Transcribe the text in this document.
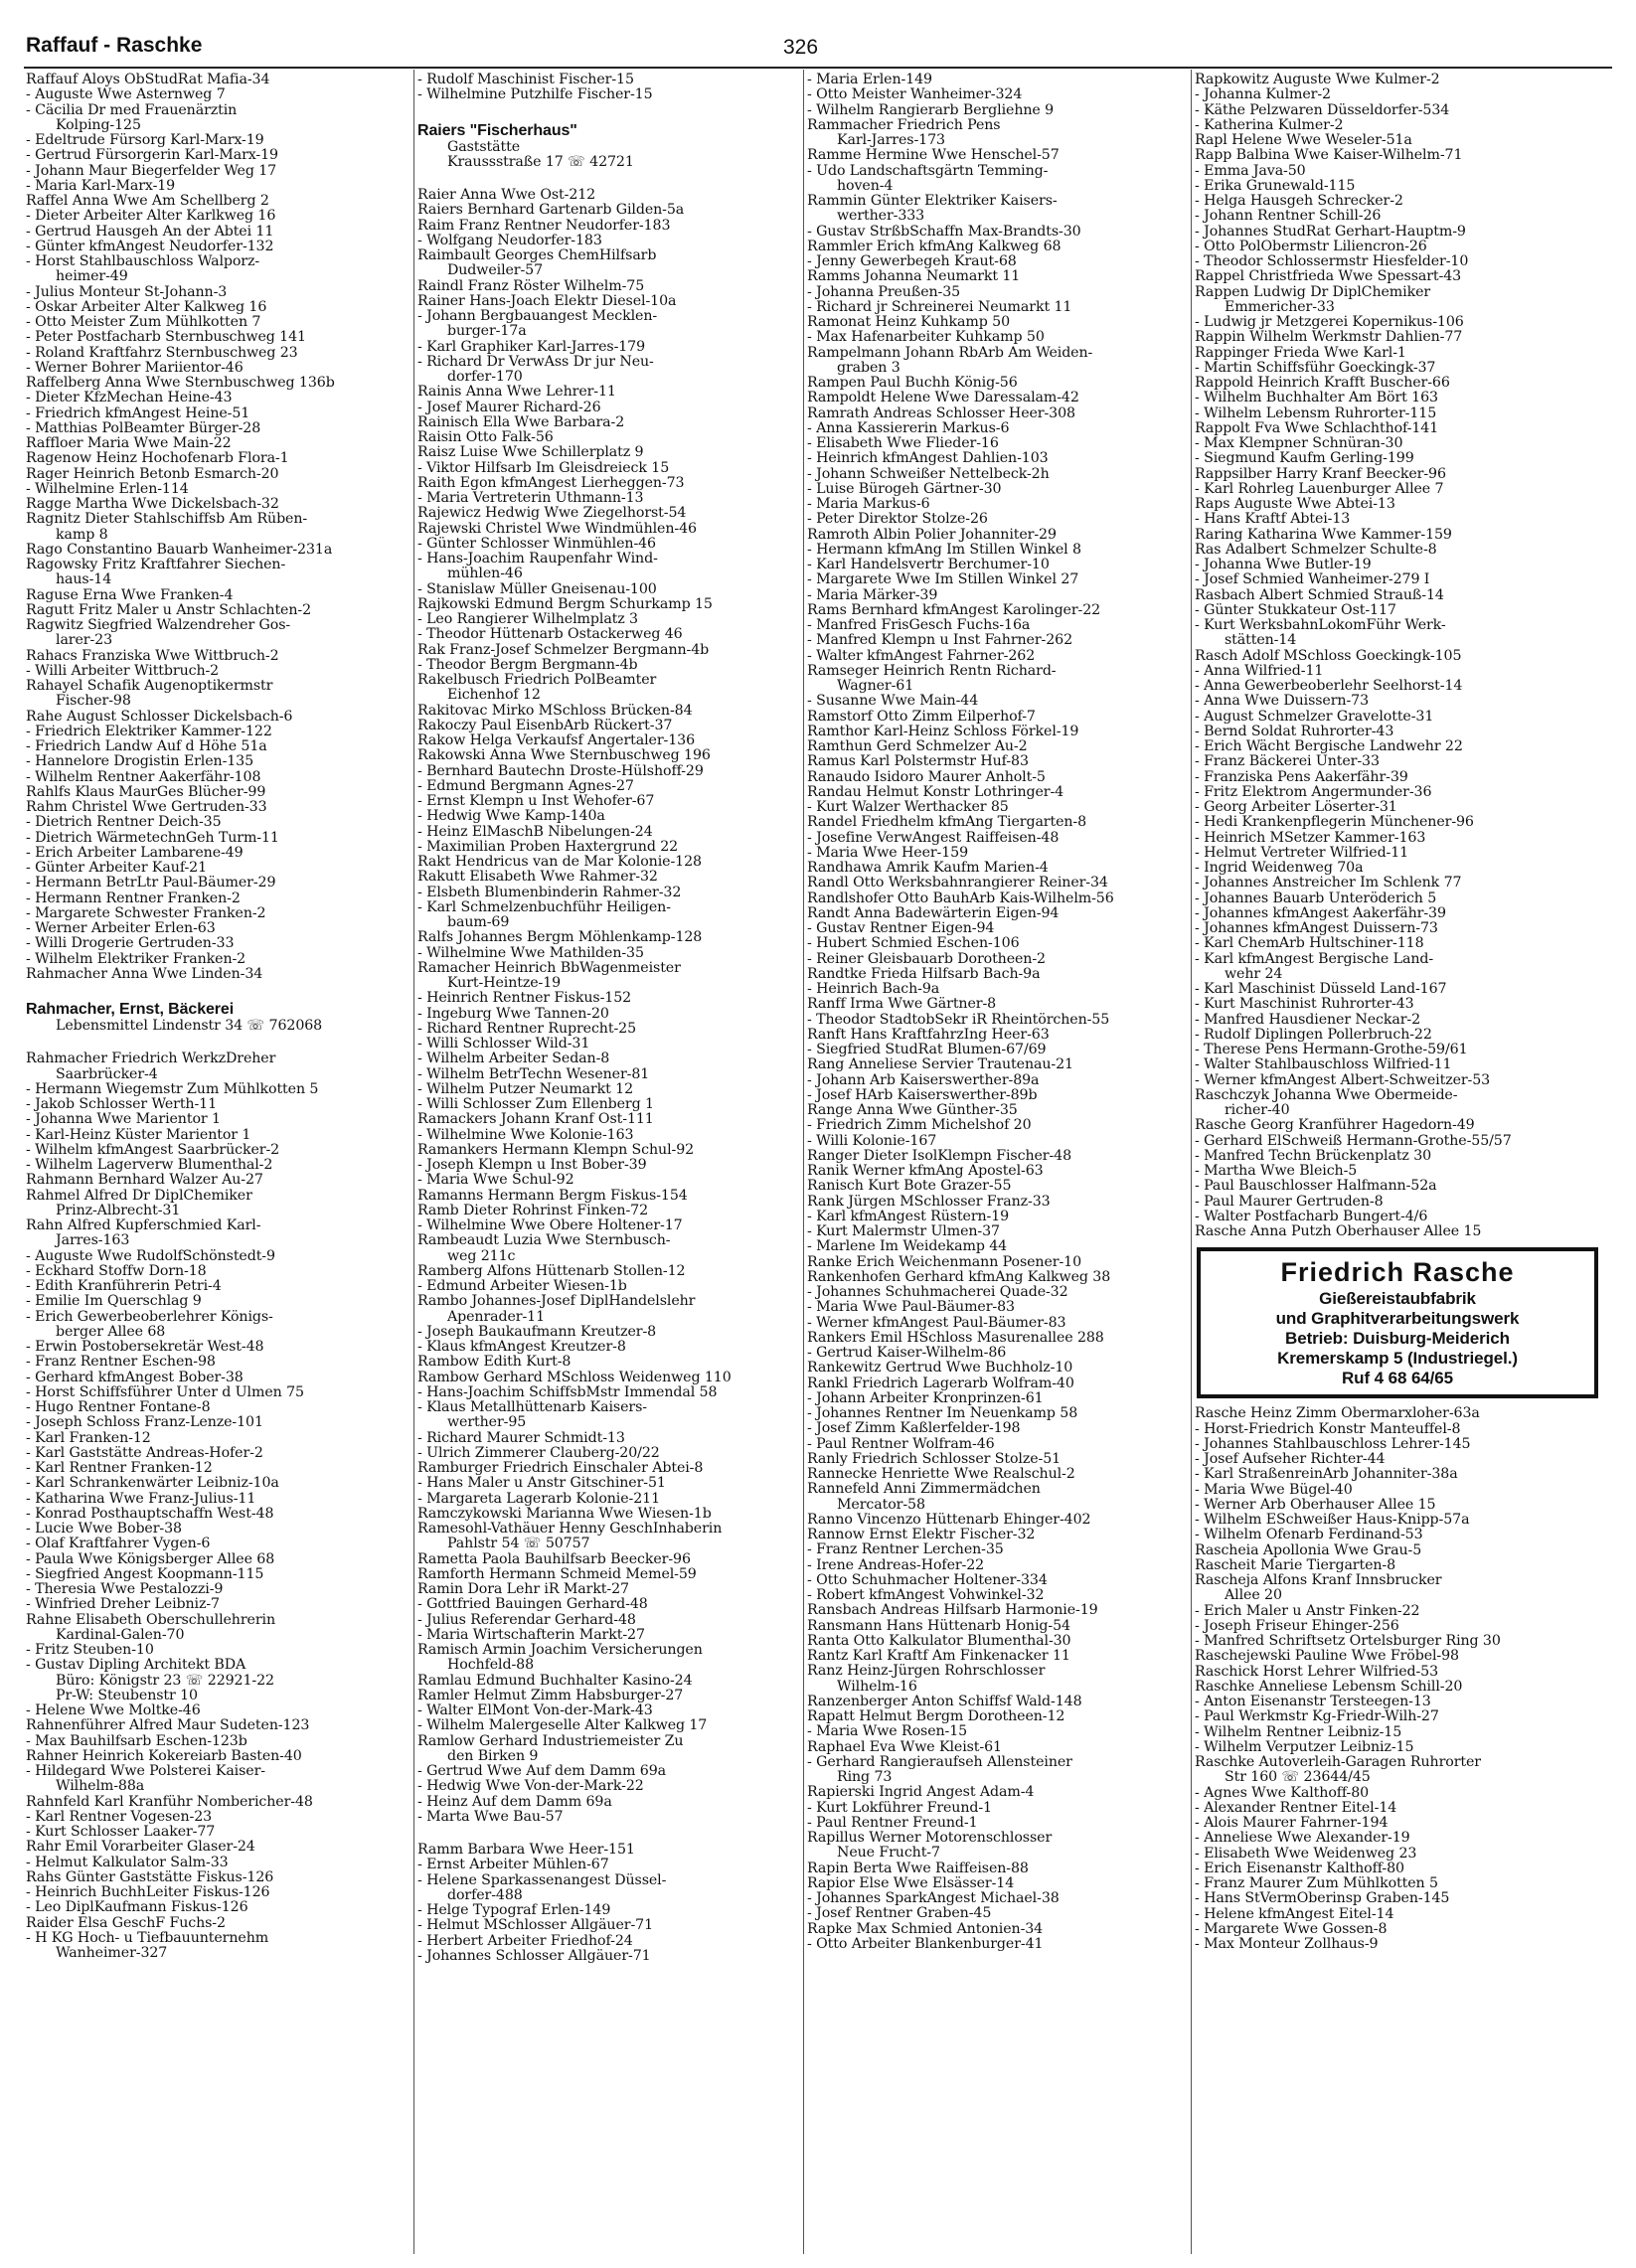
Raffauf - Raschke	326
Raffauf Aloys ObStudRat Mafia-34
- Auguste Wwe Asternweg 7
- Cäcilia Dr med Frauenärztin
Kolping-125
- Edeltrude Fürsorg Karl-Marx-19
- Gertrud Fürsorgerin Karl-Marx-19
- Johann Maur Biegerfelder Weg 17
- Maria Karl-Marx-19
Raffel Anna Wwe Am Schellberg 2
- Dieter Arbeiter Alter Karlkweg 16
- Gertrud Hausgeh An der Abtei 11
- Günter kfmAngest Neudorfer-132
- Horst Stahlbauschloss Walporz-
heimer-49
- Julius Monteur St-Johann-3
- Oskar Arbeiter Alter Kalkweg 16
- Otto Meister Zum Mühlkotten 7
- Peter Postfacharb Sternbuschweg 141
- Roland Kraftfahrz Sternbuschweg 23
- Werner Bohrer Mariientor-46
Raffelberg Anna Wwe Sternbuschweg 136b
- Dieter KfzMechan Heine-43
- Friedrich kfmAngest Heine-51
- Matthias PolBeamter Bürger-28
Raffloer Maria Wwe Main-22
Ragenow Heinz Hochofenarb Flora-1
Rager Heinrich Betonb Esmarch-20
- Wilhelmine Erlen-114
Ragge Martha Wwe Dickelsbach-32
Ragnitz Dieter Stahlschiffsb Am Rüben-
kamp 8
Rago Constantino Bauarb Wanheimer-231a
Ragowsky Fritz Kraftfahrer Siechen-
haus-14
Raguse Erna Wwe Franken-4
Ragutt Fritz Maler u Anstr Schlachten-2
Ragwitz Siegfried Walzendreher Gos-
larer-23
Rahacs Franziska Wwe Wittbruch-2
- Willi Arbeiter Wittbruch-2
Rahayel Schafik Augenoptikermstr
Fischer-98
Rahe August Schlosser Dickelsbach-6
- Friedrich Elektriker Kammer-122
- Friedrich Landw Auf d Höhe 51a
- Hannelore Drogistin Erlen-135
- Wilhelm Rentner Aakerfähr-108
Rahlfs Klaus MaurGes Blücher-99
Rahm Christel Wwe Gertruden-33
- Dietrich Rentner Deich-35
- Dietrich WärmetechnGeh Turm-11
- Erich Arbeiter Lambarene-49
- Günter Arbeiter Kauf-21
- Hermann BetrLtr Paul-Bäumer-29
- Hermann Rentner Franken-2
- Margarete Schwester Franken-2
- Werner Arbeiter Erlen-63
- Willi Drogerie Gertruden-33
- Wilhelm Elektriker Franken-2
Rahmacher Anna Wwe Linden-34
Rahmacher, Ernst, Bäckerei
Lebensmittel Lindenstr 34 ☏ 762068
Rahmacher Friedrich WerkzDreher
Saarbrücker-4
- Hermann Wiegemstr Zum Mühlkotten 5
- Jakob Schlosser Werth-11
- Johanna Wwe Marientor 1
- Karl-Heinz Küster Marientor 1
- Wilhelm kfmAngest Saarbrücker-2
- Wilhelm Lagerverw Blumenthal-2
Rahmann Bernhard Walzer Au-27
Rahmel Alfred Dr DiplChemiker
Prinz-Albrecht-31
Rahn Alfred Kupferschmied Karl-
Jarres-163
- Auguste Wwe RudolfSchönstedt-9
- Eckhard Stoffw Dorn-18
- Edith Kranführerin Petri-4
- Emilie Im Querschlag 9
- Erich Gewerbeoberlehrer Königs-
berger Allee 68
- Erwin Postobersekretär West-48
- Franz Rentner Eschen-98
- Gerhard kfmAngest Bober-38
- Horst Schiffsführer Unter d Ulmen 75
- Hugo Rentner Fontane-8
- Joseph Schloss Franz-Lenze-101
- Karl Franken-12
- Karl Gaststätte Andreas-Hofer-2
- Karl Rentner Franken-12
- Karl Schrankenwärter Leibniz-10a
- Katharina Wwe Franz-Julius-11
- Konrad Posthauptschaffn West-48
- Lucie Wwe Bober-38
- Olaf Kraftfahrer Vygen-6
- Paula Wwe Königsberger Allee 68
- Siegfried Angest Koopmann-115
- Theresia Wwe Pestalozzi-9
- Winfried Dreher Leibniz-7
Rahne Elisabeth Oberschullehrerin
Kardinal-Galen-70
- Fritz Steuben-10
- Gustav Dipling Architekt BDA
Büro: Königstr 23 ☏ 22921-22
Pr-W: Steubenstr 10
- Helene Wwe Moltke-46
Rahnenführer Alfred Maur Sudeten-123
- Max Bauhilfsarb Eschen-123b
Rahner Heinrich Kokereiarb Basten-40
- Hildegard Wwe Polsterei Kaiser-
Wilhelm-88a
Rahnfeld Karl Kranführ Nombericher-48
- Karl Rentner Vogesen-23
- Kurt Schlosser Laaker-77
Rahr Emil Vorarbeiter Glaser-24
- Helmut Kalkulator Salm-33
Rahs Günter Gaststätte Fiskus-126
- Heinrich BuchhLeiter Fiskus-126
- Leo DiplKaufmann Fiskus-126
Raider Elsa GeschF Fuchs-2
- H KG Hoch- u Tiefbauunternehm
Wanheimer-327
- Rudolf Maschinist Fischer-15
- Wilhelmine Putzhilfe Fischer-15
Raiers "Fischerhaus"
Gaststätte
Kraussstraße 17 ☏ 42721
Raier Anna Wwe Ost-212
Raiers Bernhard Gartenarb Gilden-5a
Raim Franz Rentner Neudorfer-183
- Wolfgang Neudorfer-183
Raimbault Georges ChemHilfsarb
Dudweiler-57
Raindl Franz Röster Wilhelm-75
Rainer Hans-Joach Elektr Diesel-10a
- Johann Bergbauangest Mecklen-
burger-17a
- Karl Graphiker Karl-Jarres-179
- Richard Dr VerwAss Dr jur Neu-
dorfer-170
Rainis Anna Wwe Lehrer-11
- Josef Maurer Richard-26
Rainisch Ella Wwe Barbara-2
Raisin Otto Falk-56
Raisz Luise Wwe Schillerplatz 9
- Viktor Hilfsarb Im Gleisdreieck 15
Raith Egon kfmAngest Lierheggen-73
- Maria Vertreterin Uthmann-13
Rajewicz Hedwig Wwe Ziegelhorst-54
Rajewski Christel Wwe Windmühlen-46
- Günter Schlosser Winmühlen-46
- Hans-Joachim Raupenfahr Wind-
mühlen-46
- Stanislaw Müller Gneisenau-100
Rajkowski Edmund Bergm Schurkamp 15
- Leo Rangierer Wilhelmplatz 3
- Theodor Hüttenarb Ostackerweg 46
Rak Franz-Josef Schmelzer Bergmann-4b
- Theodor Bergm Bergmann-4b
Rakelbusch Friedrich PolBeamter
Eichenhof 12
Rakitovac Mirko MSchloss Brücken-84
Rakoczy Paul EisenbArb Rückert-37
Rakow Helga Verkaufsf Angertaler-136
Rakowski Anna Wwe Sternbuschweg 196
- Bernhard Bautechn Droste-Hülshoff-29
- Edmund Bergmann Agnes-27
- Ernst Klempn u Inst Wehofer-67
- Hedwig Wwe Kamp-140a
- Heinz ElMaschB Nibelungen-24
- Maximilian Proben Haxtergrund 22
Rakt Hendricus van de Mar Kolonie-128
Rakutt Elisabeth Wwe Rahmer-32
- Elsbeth Blumenbinderin Rahmer-32
- Karl Schmelzenbuchführ Heiligen-
baum-69
Ralfs Johannes Bergm Möhlenkamp-128
- Wilhelmine Wwe Mathilden-35
Ramacher Heinrich BbWagenmeister
Kurt-Heintze-19
- Heinrich Rentner Fiskus-152
- Ingeburg Wwe Tannen-20
- Richard Rentner Ruprecht-25
- Willi Schlosser Wild-31
- Wilhelm Arbeiter Sedan-8
- Wilhelm BetrTechn Wesener-81
- Wilhelm Putzer Neumarkt 12
- Willi Schlosser Zum Ellenberg 1
Ramackers Johann Kranf Ost-111
- Wilhelmine Wwe Kolonie-163
Ramankers Hermann Klempn Schul-92
- Joseph Klempn u Inst Bober-39
- Maria Wwe Schul-92
Ramanns Hermann Bergm Fiskus-154
Ramb Dieter Rohrinst Finken-72
- Wilhelmine Wwe Obere Holtener-17
Rambeaudt Luzia Wwe Sternbusch-
weg 211c
Ramberg Alfons Hüttenarb Stollen-12
- Edmund Arbeiter Wiesen-1b
Rambo Johannes-Josef DiplHandelslehr
Apenrader-11
- Joseph Baukaufmann Kreutzer-8
- Klaus kfmAngest Kreutzer-8
Rambow Edith Kurt-8
Rambow Gerhard MSchloss Weidenweg 110
- Hans-Joachim SchiffsbMstr Immendal 58
- Klaus Metallhüttenarb Kaisers-
werther-95
- Richard Maurer Schmidt-13
- Ulrich Zimmerer Clauberg-20/22
Ramburger Friedrich Einschaler Abtei-8
- Hans Maler u Anstr Gitschiner-51
- Margareta Lagerarb Kolonie-211
Ramczykowski Marianna Wwe Wiesen-1b
Ramesohl-Vathäuer Henny GeschInhaberin
Pahlstr 54 ☏ 50757
Rametta Paola Bauhilfsarb Beecker-96
Ramforth Hermann Schmeid Memel-59
Ramin Dora Lehr iR Markt-27
- Gottfried Bauingen Gerhard-48
- Julius Referendar Gerhard-48
- Maria Wirtschafterin Markt-27
Ramisch Armin Joachim Versicherungen
Hochfeld-88
Ramlau Edmund Buchhalter Kasino-24
Ramler Helmut Zimm Habsburger-27
- Walter ElMont Von-der-Mark-43
- Wilhelm Malergeselle Alter Kalkweg 17
Ramlow Gerhard Industriemeister Zu
den Birken 9
- Gertrud Wwe Auf dem Damm 69a
- Hedwig Wwe Von-der-Mark-22
- Heinz Auf dem Damm 69a
- Marta Wwe Bau-57
Ramm Barbara Wwe Heer-151
- Ernst Arbeiter Mühlen-67
- Helene Sparkassenangest Düssel-
dorfer-488
- Helge Typograf Erlen-149
- Helmut MSchlosser Allgäuer-71
- Herbert Arbeiter Friedhof-24
- Johannes Schlosser Allgäuer-71
- Maria Erlen-149
- Otto Meister Wanheimer-324
- Wilhelm Rangierarb Bergliehne 9
Rammacher Friedrich Pens
Karl-Jarres-173
Ramme Hermine Wwe Henschel-57
- Udo Landschaftsgärtn Temming-
hoven-4
Rammin Günter Elektriker Kaisers-
werther-333
- Gustav StrßbSchaffn Max-Brandts-30
Rammler Erich kfmAng Kalkweg 68
- Jenny Gewerbegeh Kraut-68
Ramms Johanna Neumarkt 11
- Johanna Preußen-35
- Richard jr Schreinerei Neumarkt 11
Ramonat Heinz Kuhkamp 50
- Max Hafenarbeiter Kuhkamp 50
Rampelmann Johann RbArb Am Weiden-
graben 3
Rampen Paul Buchh König-56
Rampoldt Helene Wwe Daressalam-42
Ramrath Andreas Schlosser Heer-308
- Anna Kassiererin Markus-6
- Elisabeth Wwe Flieder-16
- Heinrich kfmAngest Dahlien-103
- Johann Schweißer Nettelbeck-2h
- Luise Bürogeh Gärtner-30
- Maria Markus-6
- Peter Direktor Stolze-26
Ramroth Albin Polier Johanniter-29
- Hermann kfmAng Im Stillen Winkel 8
- Karl Handelsvertr Berchumer-10
- Margarete Wwe Im Stillen Winkel 27
- Maria Märker-39
Rams Bernhard kfmAngest Karolinger-22
- Manfred FrisGesch Fuchs-16a
- Manfred Klempn u Inst Fahrner-262
- Walter kfmAngest Fahrner-262
Ramseger Heinrich Rentn Richard-
Wagner-61
- Susanne Wwe Main-44
Ramstorf Otto Zimm Eilperhof-7
Ramthor Karl-Heinz Schloss Förkel-19
Ramthun Gerd Schmelzer Au-2
Ramus Karl Polstermstr Huf-83
Ranaudo Isidoro Maurer Anholt-5
Randau Helmut Konstr Lothringer-4
- Kurt Walzer Werthacker 85
Randel Friedhelm kfmAng Tiergarten-8
- Josefine VerwAngest Raiffeisen-48
- Maria Wwe Heer-159
Randhawa Amrik Kaufm Marien-4
Randl Otto Werksbahnrangierer Reiner-34
Randlshofer Otto BauhArb Kais-Wilhelm-56
Randt Anna Badewärterin Eigen-94
- Gustav Rentner Eigen-94
- Hubert Schmied Eschen-106
- Reiner Gleisbauarb Dorotheen-2
Randtke Frieda Hilfsarb Bach-9a
- Heinrich Bach-9a
Ranff Irma Wwe Gärtner-8
- Theodor StadtobSekr iR Rheintörchen-55
Ranft Hans KraftfahrzIng Heer-63
- Siegfried StudRat Blumen-67/69
Rang Anneliese Servier Trautenau-21
- Johann Arb Kaiserswerther-89a
- Josef HArb Kaiserswerther-89b
Range Anna Wwe Günther-35
- Friedrich Zimm Michelshof 20
- Willi Kolonie-167
Ranger Dieter IsolKlempn Fischer-48
Ranik Werner kfmAng Apostel-63
Ranisch Kurt Bote Grazer-55
Rank Jürgen MSchlosser Franz-33
- Karl kfmAngest Rüstern-19
- Kurt Malermstr Ulmen-37
- Marlene Im Weidekamp 44
Ranke Erich Weichenmann Posener-10
Rankenhofen Gerhard kfmAng Kalkweg 38
- Johannes Schuhmacherei Quade-32
- Maria Wwe Paul-Bäumer-83
- Werner kfmAngest Paul-Bäumer-83
Rankers Emil HSchloss Masurenallee 288
- Gertrud Kaiser-Wilhelm-86
Rankewitz Gertrud Wwe Buchholz-10
Rankl Friedrich Lagerarb Wolfram-40
- Johann Arbeiter Kronprinzen-61
- Johannes Rentner Im Neuenkamp 58
- Josef Zimm Kaßlerfelder-198
- Paul Rentner Wolfram-46
Ranly Friedrich Schlosser Stolze-51
Rannecke Henriette Wwe Realschul-2
Rannefeld Anni Zimmermädchen
Mercator-58
Ranno Vincenzo Hüttenarb Ehinger-402
Rannow Ernst Elektr Fischer-32
- Franz Rentner Lerchen-35
- Irene Andreas-Hofer-22
- Otto Schuhmacher Holtener-334
- Robert kfmAngest Vohwinkel-32
Ransbach Andreas Hilfsarb Harmonie-19
Ransmann Hans Hüttenarb Honig-54
Ranta Otto Kalkulator Blumenthal-30
Rantz Karl Kraftf Am Finkenacker 11
Ranz Heinz-Jürgen Rohrschlosser
Wilhelm-16
Ranzenberger Anton Schiffsf Wald-148
Rapatt Helmut Bergm Dorotheen-12
- Maria Wwe Rosen-15
Raphael Eva Wwe Kleist-61
- Gerhard Rangieraufseh Allensteiner
Ring 73
Rapierski Ingrid Angest Adam-4
- Kurt Lokführer Freund-1
- Paul Rentner Freund-1
Rapillus Werner Motorenschlosser
Neue Frucht-7
Rapin Berta Wwe Raiffeisen-88
Rapior Else Wwe Elsässer-14
- Johannes SparkAngest Michael-38
- Josef Rentner Graben-45
Rapke Max Schmied Antonien-34
- Otto Arbeiter Blankenburger-41
Rapkowitz Auguste Wwe Kulmer-2
- Johanna Kulmer-2
- Käthe Pelzwaren Düsseldorfer-534
- Katherina Kulmer-2
Rapl Helene Wwe Weseler-51a
Rapp Balbina Wwe Kaiser-Wilhelm-71
- Emma Java-50
- Erika Grunewald-115
- Helga Hausgeh Schrecker-2
- Johann Rentner Schill-26
- Johannes StudRat Gerhart-Hauptm-9
- Otto PolObermstr Liliencron-26
- Theodor Schlossermstr Hiesfelder-10
Rappel Christfrieda Wwe Spessart-43
Rappen Ludwig Dr DiplChemiker
Emmericher-33
- Ludwig jr Metzgerei Kopernikus-106
Rappin Wilhelm Werkmstr Dahlien-77
Rappinger Frieda Wwe Karl-1
- Martin Schiffsführ Goeckingk-37
Rappold Heinrich Krafft Buscher-66
- Wilhelm Buchhalter Am Bört 163
- Wilhelm Lebensm Ruhrorter-115
Rappolt Fva Wwe Schlachthof-141
- Max Klempner Schnüran-30
- Siegmund Kaufm Gerling-199
Rappsilber Harry Kranf Beecker-96
- Karl Rohrleg Lauenburger Allee 7
Raps Auguste Wwe Abtei-13
- Hans Kraftf Abtei-13
Raring Katharina Wwe Kammer-159
Ras Adalbert Schmelzer Schulte-8
- Johanna Wwe Butler-19
- Josef Schmied Wanheimer-279 I
Rasbach Albert Schmied Strauß-14
- Günter Stukkateur Ost-117
- Kurt WerksbahnLokomFühr Werk-
stätten-14
Rasch Adolf MSchloss Goeckingk-105
- Anna Wilfried-11
- Anna Gewerbeoberlehr Seelhorst-14
- Anna Wwe Duissern-73
- August Schmelzer Gravelotte-31
- Bernd Soldat Ruhrorter-43
- Erich Wächt Bergische Landwehr 22
- Franz Bäckerei Unter-33
- Franziska Pens Aakerfähr-39
- Fritz Elektrom Angermunder-36
- Georg Arbeiter Löserter-31
- Hedi Krankenpflegerin Münchener-96
- Heinrich MSetzer Kammer-163
- Helmut Vertreter Wilfried-11
- Ingrid Weidenweg 70a
- Johannes Anstreicher Im Schlenk 77
- Johannes Bauarb Unteröderich 5
- Johannes kfmAngest Aakerfähr-39
- Johannes kfmAngest Duissern-73
- Karl ChemArb Hultschiner-118
- Karl kfmAngest Bergische Land-
wehr 24
- Karl Maschinist Düsseld Land-167
- Kurt Maschinist Ruhrorter-43
- Manfred Hausdiener Neckar-2
- Rudolf Diplingen Pollerbruch-22
- Therese Pens Hermann-Grothe-59/61
- Walter Stahlbauschloss Wilfried-11
- Werner kfmAngest Albert-Schweitzer-53
Raschczyk Johanna Wwe Obermeide-
richer-40
Rasche Georg Kranführer Hagedorn-49
- Gerhard ElSchweiß Hermann-Grothe-55/57
- Manfred Techn Brückenplatz 30
- Martha Wwe Bleich-5
- Paul Bauschlosser Halfmann-52a
- Paul Maurer Gertruden-8
- Walter Postfacharb Bungert-4/6
Rasche Anna Putzh Oberhauser Allee 15
Friedrich Rasche
Gießereistaubfabrik
und Graphitverarbeitungswerk
Betrieb: Duisburg-Meiderich
Kremerskamp 5 (Industriegel.)
Ruf 4 68 64/65
Rasche Heinz Zimm Obermarxloher-63a
- Horst-Friedrich Konstr Manteuffel-8
- Johannes Stahlbauschloss Lehrer-145
- Josef Aufseher Richter-44
- Karl StraßenreinArb Johanniter-38a
- Maria Wwe Bügel-40
- Werner Arb Oberhauser Allee 15
- Wilhelm ESchweißer Haus-Knipp-57a
- Wilhelm Ofenarb Ferdinand-53
Rascheia Apollonia Wwe Grau-5
Rascheit Marie Tiergarten-8
Rascheja Alfons Kranf Innsbrucker
Allee 20
- Erich Maler u Anstr Finken-22
- Joseph Friseur Ehinger-256
- Manfred Schriftsetz Ortelsburger Ring 30
Raschejewski Pauline Wwe Fröbel-98
Raschick Horst Lehrer Wilfried-53
Raschke Anneliese Lebensm Schill-20
- Anton Eisenanstr Tersteegen-13
- Paul Werkmstr Kg-Friedr-Wilh-27
- Wilhelm Rentner Leibniz-15
- Wilhelm Verputzer Leibniz-15
Raschke Autoverleih-Garagen Ruhrorter
Str 160 ☏ 23644/45
- Agnes Wwe Kalthoff-80
- Alexander Rentner Eitel-14
- Alois Maurer Fahrner-194
- Anneliese Wwe Alexander-19
- Elisabeth Wwe Weidenweg 23
- Erich Eisenanstr Kalthoff-80
- Franz Maurer Zum Mühlkotten 5
- Hans StVermOberinsp Graben-145
- Helene kfmAngest Eitel-14
- Margarete Wwe Gossen-8
- Max Monteur Zollhaus-9
